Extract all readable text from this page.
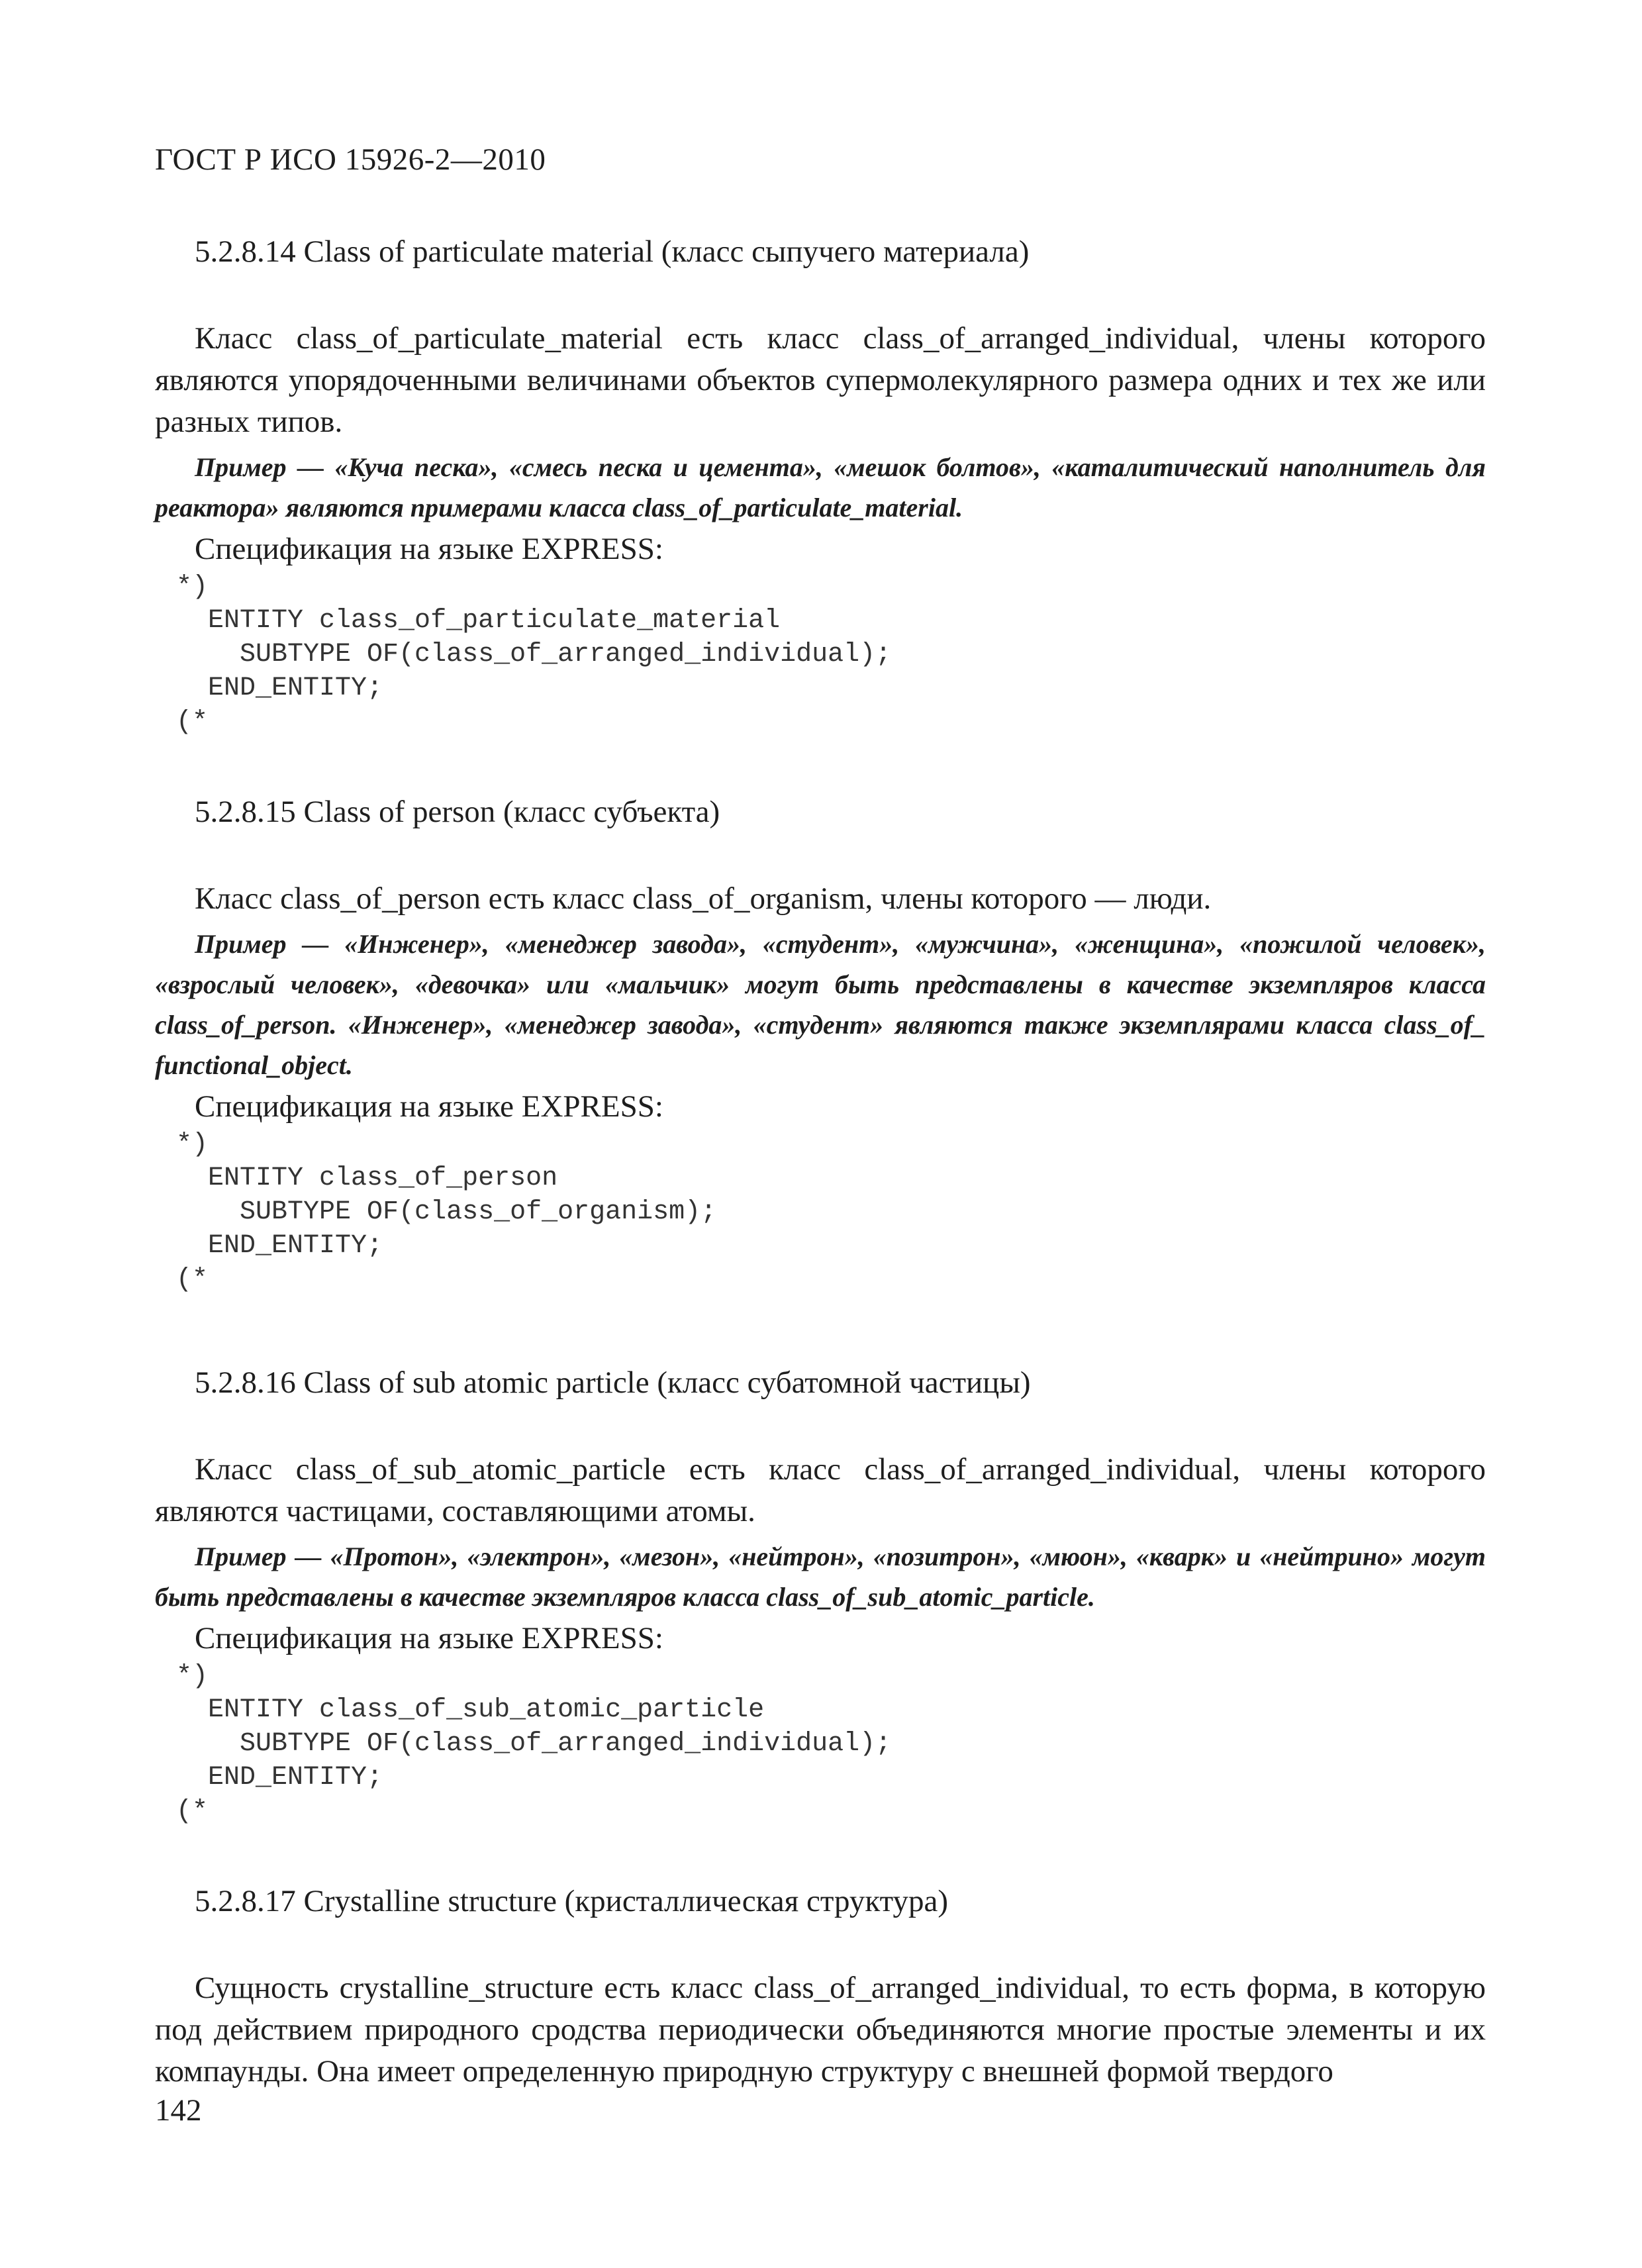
ГОСТ Р ИСО 15926-2—2010
5.2.8.14 Class of particulate material (класс сыпучего материала)

Класс class_of_particulate_material есть класс class_of_arranged_individual, члены которого являются упорядоченными величинами объектов супермолекулярного размера одних и тех же или разных типов.

Пример — «Куча песка», «смесь песка и цемента», «мешок болтов», «каталитический наполнитель для реактора» являются примерами класса class_of_particulate_material.

Спецификация на языке EXPRESS:

*)
ENTITY class_of_particulate_material
SUBTYPE OF(class_of_arranged_individual);
END_ENTITY;
(*
5.2.8.15 Class of person (класс субъекта)

Класс class_of_person есть класс class_of_organism, члены которого — люди.

Пример — «Инженер», «менеджер завода», «студент», «мужчина», «женщина», «пожилой человек», «взрослый человек», «девочка» или «мальчик» могут быть представлены в качестве экземпляров класса class_of_person. «Инженер», «менеджер завода», «студент» являются также экземплярами класса class_of_ functional_object.

Спецификация на языке EXPRESS:

*)
ENTITY class_of_person
SUBTYPE OF(class_of_organism);
END_ENTITY;
(*
5.2.8.16 Class of sub atomic particle (класс субатомной частицы)

Класс class_of_sub_atomic_particle есть класс class_of_arranged_individual, члены которого являются частицами, составляющими атомы.

Пример — «Протон», «электрон», «мезон», «нейтрон», «позитрон», «мюон», «кварк» и «нейтрино» могут быть представлены в качестве экземпляров класса class_of_sub_atomic_particle.

Спецификация на языке EXPRESS:

*)
ENTITY class_of_sub_atomic_particle
SUBTYPE OF(class_of_arranged_individual);
END_ENTITY;
(*
5.2.8.17 Crystalline structure (кристаллическая структура)

Сущность crystalline_structure есть класс class_of_arranged_individual, то есть форма, в которую под действием природного сродства периодически объединяются многие простые элементы и их компаунды. Она имеет определенную природную структуру с внешней формой твердого

142
